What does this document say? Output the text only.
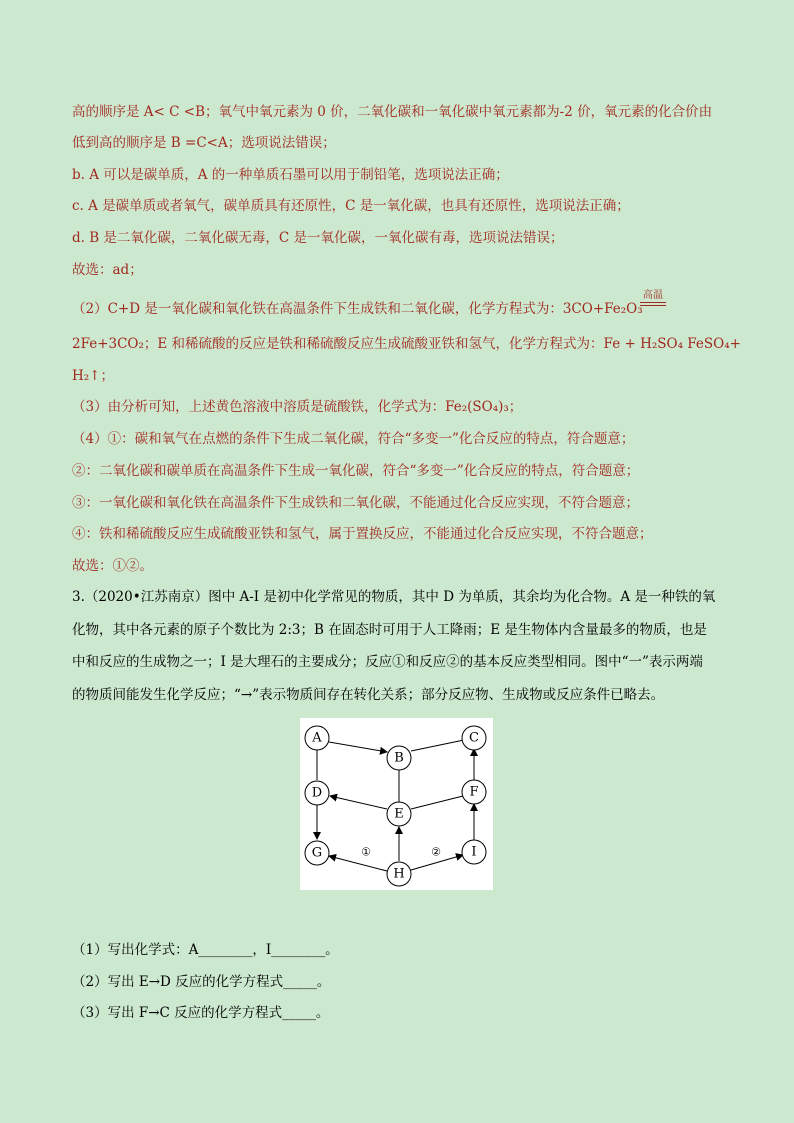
高的顺序是 A< C <B；氧气中氧元素为 0 价，二氧化碳和一氧化碳中氧元素都为-2 价，氧元素的化合价由
低到高的顺序是 B =C<A；选项说法错误；
b. A 可以是碳单质，A 的一种单质石墨可以用于制铅笔，选项说法正确；
c. A 是碳单质或者氧气，碳单质具有还原性，C 是一氧化碳，也具有还原性，选项说法正确；
d. B 是二氧化碳，二氧化碳无毒，C 是一氧化碳，一氧化碳有毒，选项说法错误；
故选：ad；
（2）C+D 是一氧化碳和氧化铁在高温条件下生成铁和二氧化碳，化学方程式为：3CO+Fe₂O₃
高温
2Fe+3CO₂；E 和稀硫酸的反应是铁和稀硫酸反应生成硫酸亚铁和氢气，化学方程式为：Fe + H₂SO₄ FeSO₄+
H₂↑；
（3）由分析可知，上述黄色溶液中溶质是硫酸铁，化学式为：Fe₂(SO₄)₃；
（4）①：碳和氧气在点燃的条件下生成二氧化碳，符合“多变一”化合反应的特点，符合题意；
②：二氧化碳和碳单质在高温条件下生成一氧化碳，符合“多变一”化合反应的特点，符合题意；
③：一氧化碳和氧化铁在高温条件下生成铁和二氧化碳，不能通过化合反应实现，不符合题意；
④：铁和稀硫酸反应生成硫酸亚铁和氢气，属于置换反应，不能通过化合反应实现，不符合题意；
故选：①②。
3.（2020•江苏南京）图中 A-I 是初中化学常见的物质，其中 D 为单质，其余均为化合物。A 是一种铁的氧
化物，其中各元素的原子个数比为 2:3；B 在固态时可用于人工降雨；E 是生物体内含量最多的物质，也是
中和反应的生成物之一；I 是大理石的主要成分；反应①和反应②的基本反应类型相同。图中“一”表示两端
的物质间能发生化学反应；“→”表示物质间存在转化关系；部分反应物、生成物或反应条件已略去。
①	②
A
B
C
D
E
F
G
H
I
（1）写出化学式：A________，I________。
（2）写出 E→D 反应的化学方程式_____。
（3）写出 F→C 反应的化学方程式_____。
